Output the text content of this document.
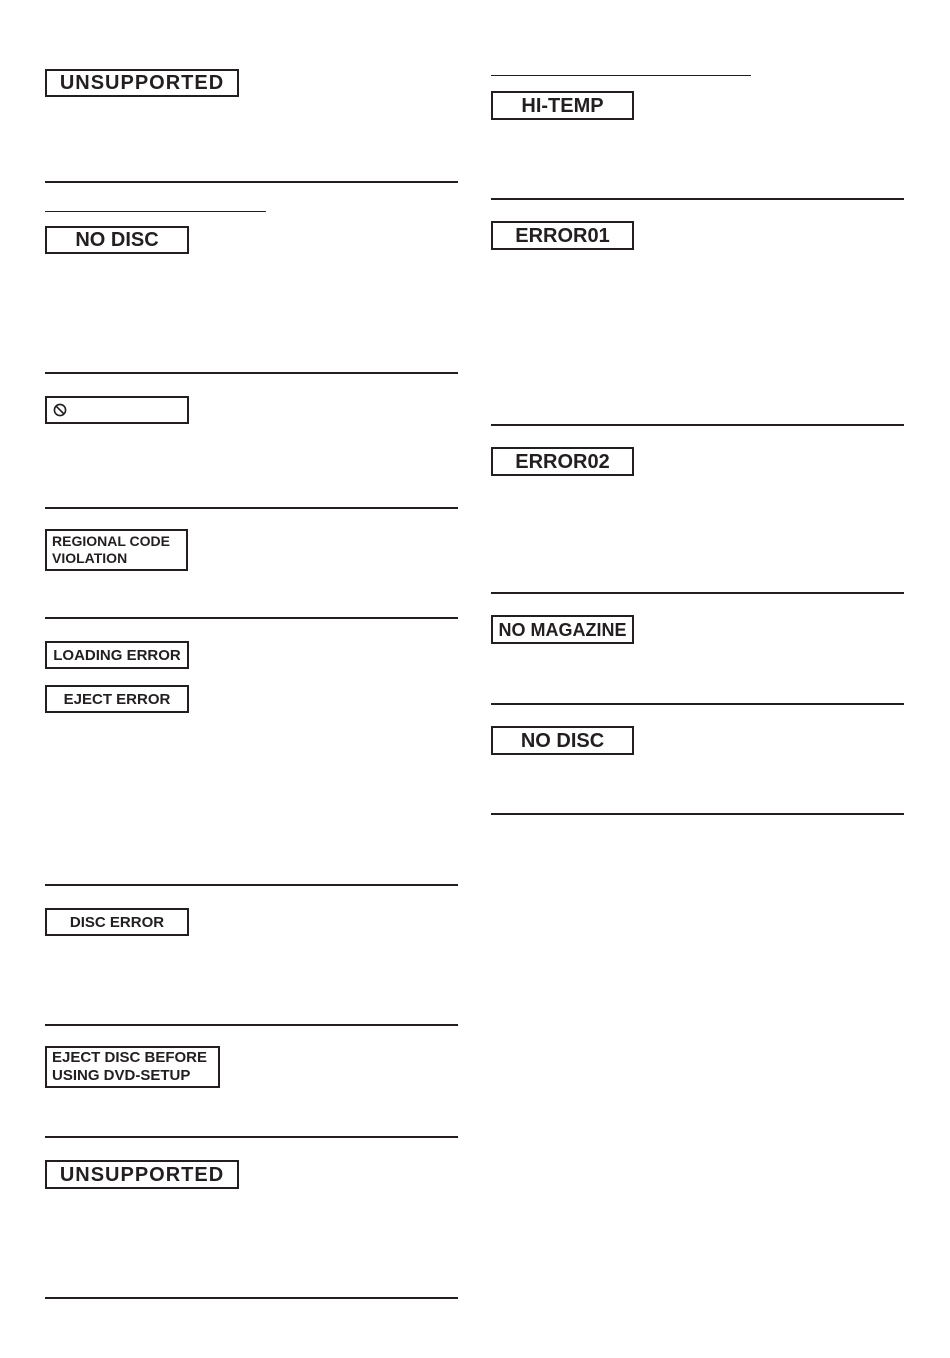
UNSUPPORTED
NO DISC
REGIONAL CODE
VIOLATION
LOADING ERROR
EJECT ERROR
DISC ERROR
EJECT DISC BEFORE
USING DVD-SETUP
UNSUPPORTED
HI-TEMP
ERROR01
ERROR02
NO MAGAZINE
NO DISC
